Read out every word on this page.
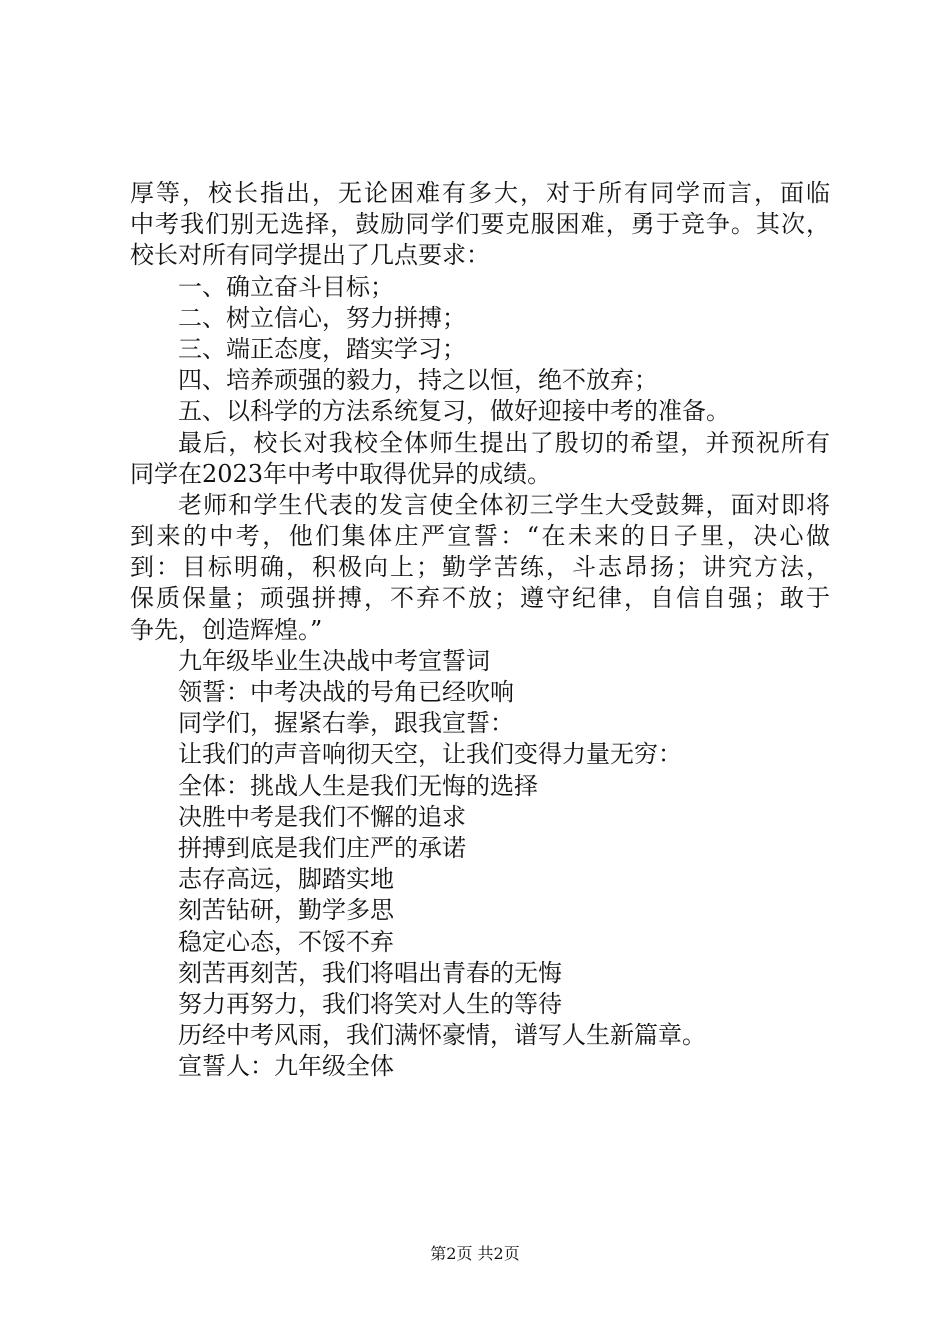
厚等，校长指出，无论困难有多大，对于所有同学而言，面临
中考我们别无选择，鼓励同学们要克服困难，勇于竞争。其次，
校长对所有同学提出了几点要求：
一、确立奋斗目标；
二、树立信心，努力拼搏；
三、端正态度，踏实学习；
四、培养顽强的毅力，持之以恒，绝不放弃；
五、以科学的方法系统复习，做好迎接中考的准备。
最后，校长对我校全体师生提出了殷切的希望，并预祝所有
同学在2023年中考中取得优异的成绩。
老师和学生代表的发言使全体初三学生大受鼓舞，面对即将
到来的中考，他们集体庄严宣誓：“在未来的日子里，决心做
到：目标明确，积极向上；勤学苦练，斗志昂扬；讲究方法，
保质保量；顽强拼搏，不弃不放；遵守纪律，自信自强；敢于
争先，创造辉煌。”
九年级毕业生决战中考宣誓词
领誓：中考决战的号角已经吹响
同学们，握紧右拳，跟我宣誓：
让我们的声音响彻天空，让我们变得力量无穷：
全体：挑战人生是我们无悔的选择
决胜中考是我们不懈的追求
拼搏到底是我们庄严的承诺
志存高远，脚踏实地
刻苦钻研，勤学多思
稳定心态，不馁不弃
刻苦再刻苦，我们将唱出青春的无悔
努力再努力，我们将笑对人生的等待
历经中考风雨，我们满怀豪情，谱写人生新篇章。
宣誓人：九年级全体
第2页 共2页
